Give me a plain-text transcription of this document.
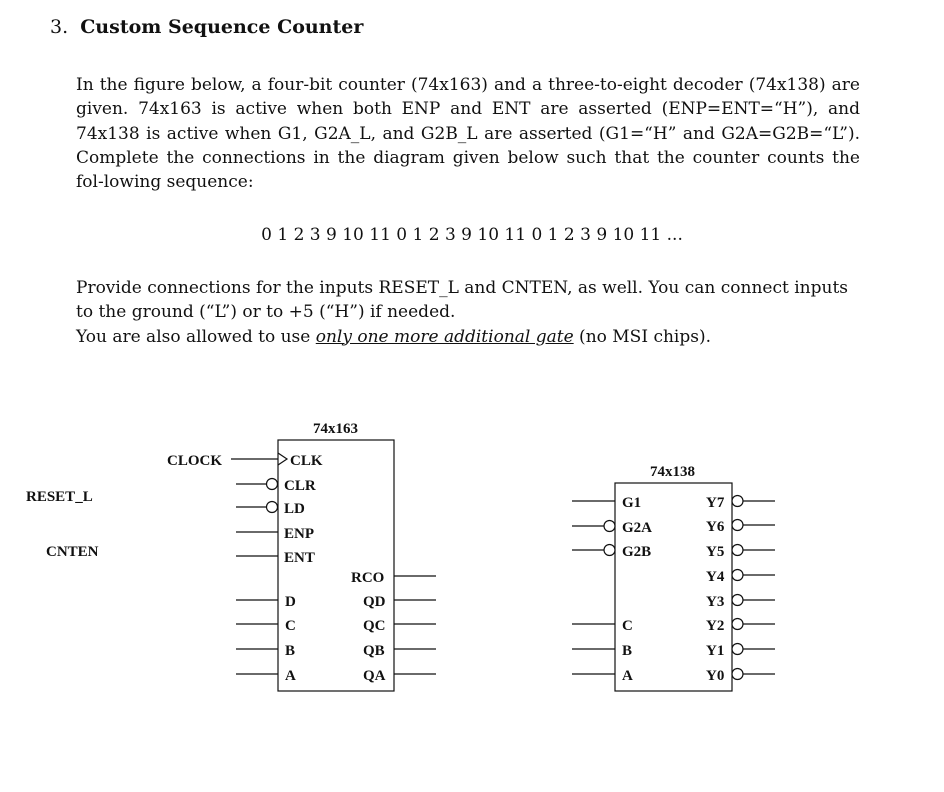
3. Custom Sequence Counter
In the figure below, a four-bit counter (74x163) and a three-to-eight decoder (74x138) are given. 74x163 is active when both ENP and ENT are asserted (ENP=ENT=“H”), and 74x138 is active when G1, G2A_L, and G2B_L are asserted (G1=“H” and G2A=G2B=“L”). Complete the connections in the diagram given below such that the counter counts the fol-lowing sequence:
0 1 2 3 9 10 11 0 1 2 3 9 10 11 0 1 2 3 9 10 11 ...
Provide connections for the inputs RESET_L and CNTEN, as well. You can connect inputs
to the ground (“L”) or to +5 (“H”) if needed.
You are also allowed to use only one more additional gate (no MSI chips).
CLOCK
RESET_L
CNTEN
74x163
CLK
CLR
LD
ENP
ENT
D
C
B
A
RCO
QD
QC
QB
QA
74x138
G1
G2A
G2B
C
B
A
Y7
Y6
Y5
Y4
Y3
Y2
Y1
Y0
